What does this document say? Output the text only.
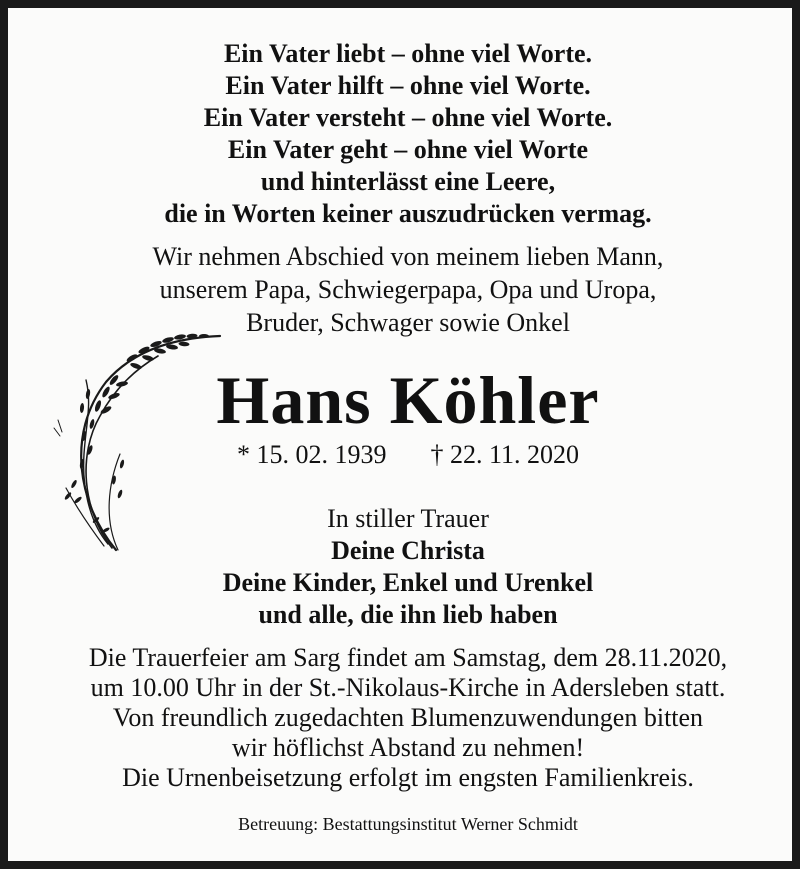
Ein Vater liebt – ohne viel Worte.
Ein Vater hilft – ohne viel Worte.
Ein Vater versteht – ohne viel Worte.
Ein Vater geht – ohne viel Worte
und hinterlässt eine Leere,
die in Worten keiner auszudrücken vermag.
Wir nehmen Abschied von meinem lieben Mann,
unserem Papa, Schwiegerpapa, Opa und Uropa,
Bruder, Schwager sowie Onkel
Hans Köhler
* 15. 02. 1939 † 22. 11. 2020
In stiller Trauer
Deine Christa
Deine Kinder, Enkel und Urenkel
und alle, die ihn lieb haben
Die Trauerfeier am Sarg findet am Samstag, dem 28.11.2020,
um 10.00 Uhr in der St.-Nikolaus-Kirche in Adersleben statt.
Von freundlich zugedachten Blumenzuwendungen bitten
wir höflichst Abstand zu nehmen!
Die Urnenbeisetzung erfolgt im engsten Familienkreis.
Betreuung: Bestattungsinstitut Werner Schmidt
